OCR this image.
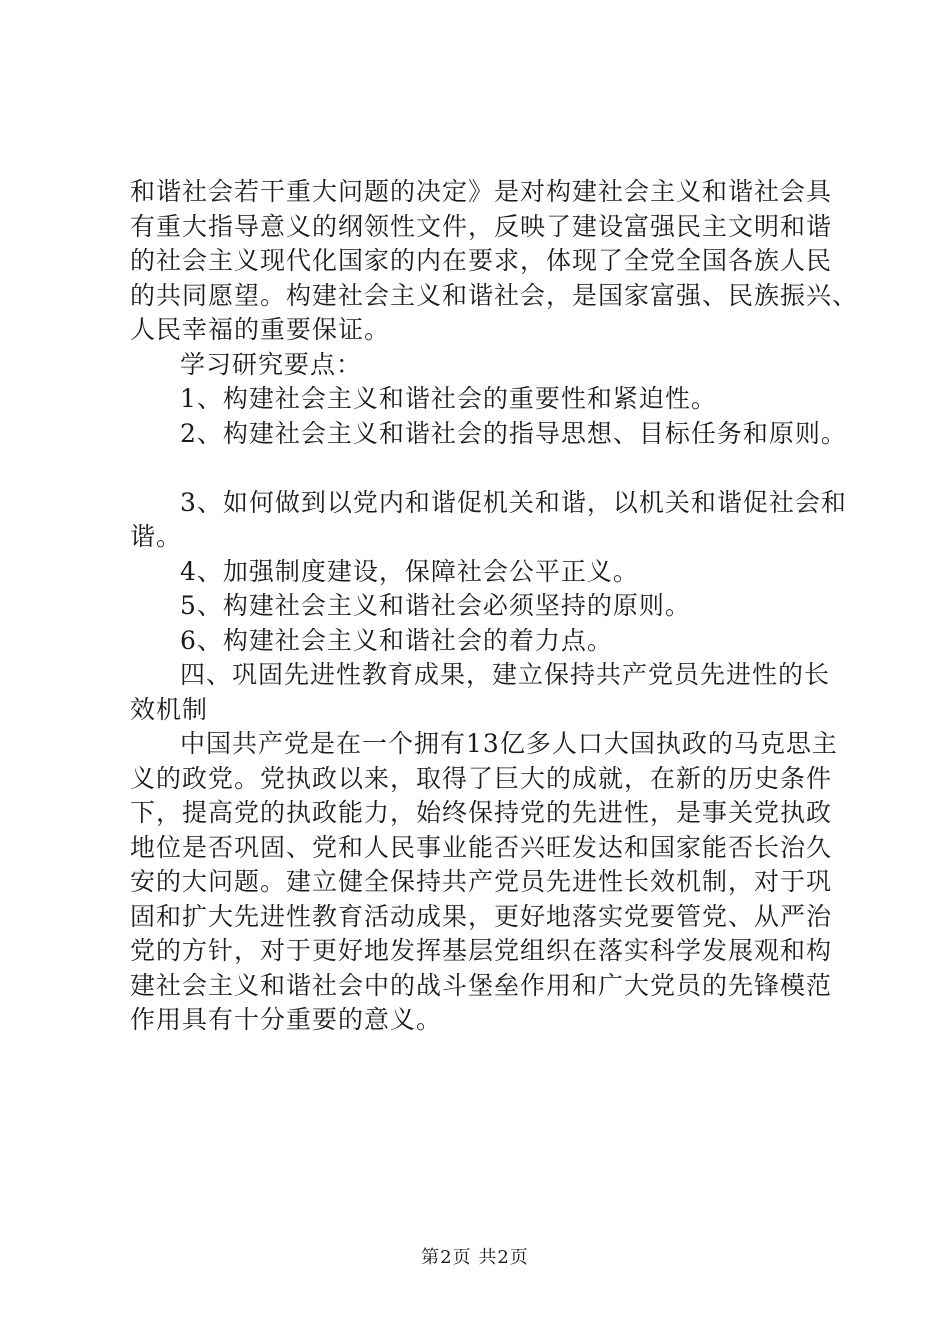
和谐社会若干重大问题的决定》是对构建社会主义和谐社会具
有重大指导意义的纲领性文件，反映了建设富强民主文明和谐
的社会主义现代化国家的内在要求，体现了全党全国各族人民
的共同愿望。构建社会主义和谐社会，是国家富强、民族振兴、
人民幸福的重要保证。
学习研究要点：
1、构建社会主义和谐社会的重要性和紧迫性。
2、构建社会主义和谐社会的指导思想、目标任务和原则。
3、如何做到以党内和谐促机关和谐，以机关和谐促社会和
谐。
4、加强制度建设，保障社会公平正义。
5、构建社会主义和谐社会必须坚持的原则。
6、构建社会主义和谐社会的着力点。
四、巩固先进性教育成果，建立保持共产党员先进性的长
效机制
中国共产党是在一个拥有13亿多人口大国执政的马克思主
义的政党。党执政以来，取得了巨大的成就，在新的历史条件
下，提高党的执政能力，始终保持党的先进性，是事关党执政
地位是否巩固、党和人民事业能否兴旺发达和国家能否长治久
安的大问题。建立健全保持共产党员先进性长效机制，对于巩
固和扩大先进性教育活动成果，更好地落实党要管党、从严治
党的方针，对于更好地发挥基层党组织在落实科学发展观和构
建社会主义和谐社会中的战斗堡垒作用和广大党员的先锋模范
作用具有十分重要的意义。
第2页 共2页
